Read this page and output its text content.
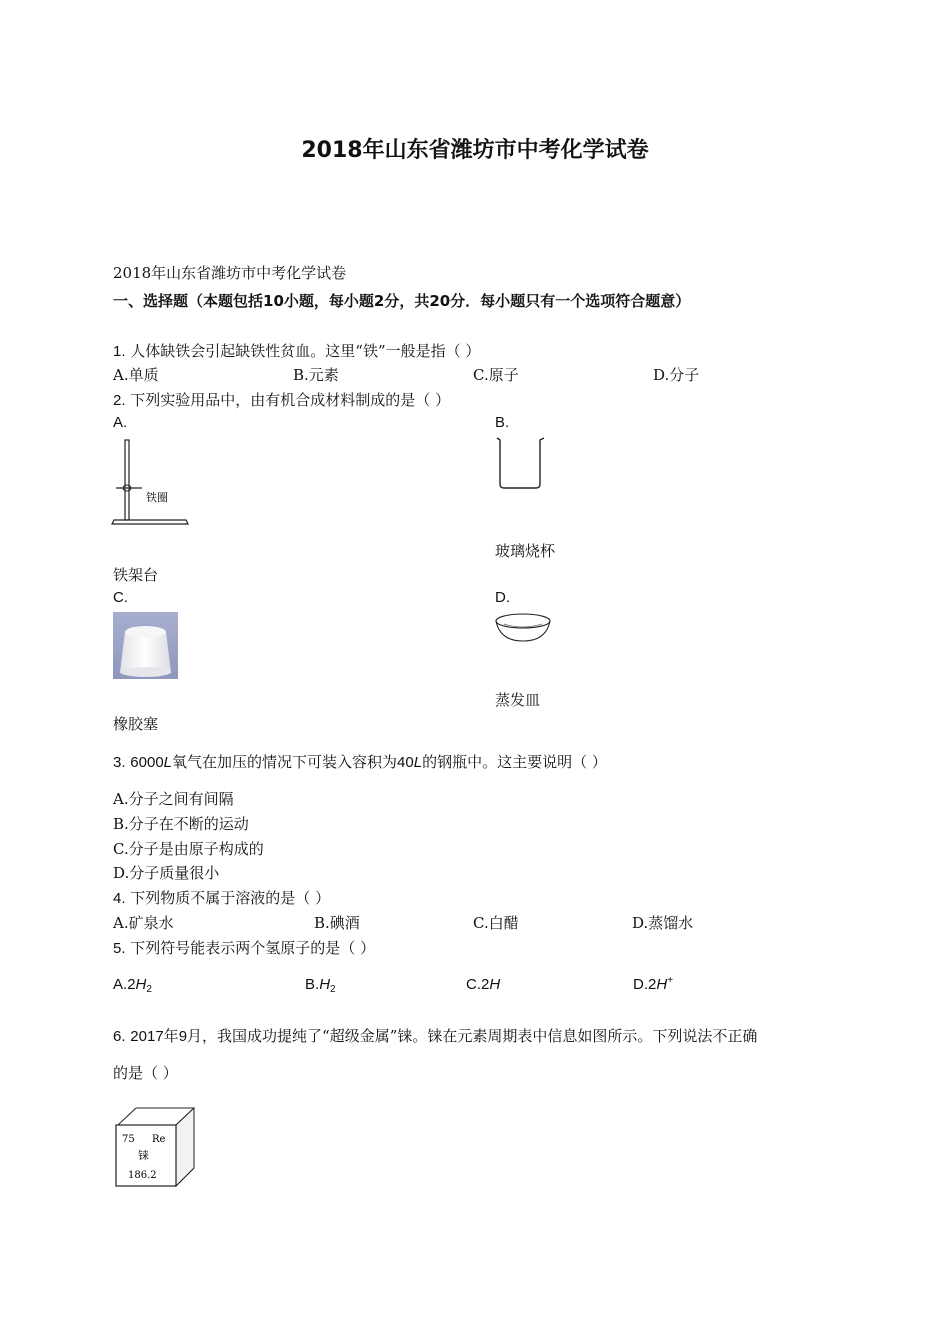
2018年山东省潍坊市中考化学试卷
2018年山东省潍坊市中考化学试卷
一、选择题（本题包括10小题，每小题2分，共20分．每小题只有一个选项符合题意）
1. 人体缺铁会引起缺铁性贫血。这里“铁”一般是指（ ）
A.单质	B.元素	C.原子	D.分子
2. 下列实验用品中，由有机合成材料制成的是（ ）
A.
铁圈
铁架台
B.
玻璃烧杯
C.
橡胶塞
D.
蒸发皿
3. 6000L氧气在加压的情况下可装入容积为40L的钢瓶中。这主要说明（ ）
A.分子之间有间隔
B.分子在不断的运动
C.分子是由原子构成的
D.分子质量很小
4. 下列物质不属于溶液的是（ ）
A.矿泉水	B.碘酒	C.白醋	D.蒸馏水
5. 下列符号能表示两个氢原子的是（ ）
$A.2H_2$	$B.H_2$	C.2H	D.2H+
6. 2017年9月，我国成功提纯了“超级金属”铼。铼在元素周期表中信息如图所示。下列说法不正确
的是（ ）
75 Re
铼
186.2
